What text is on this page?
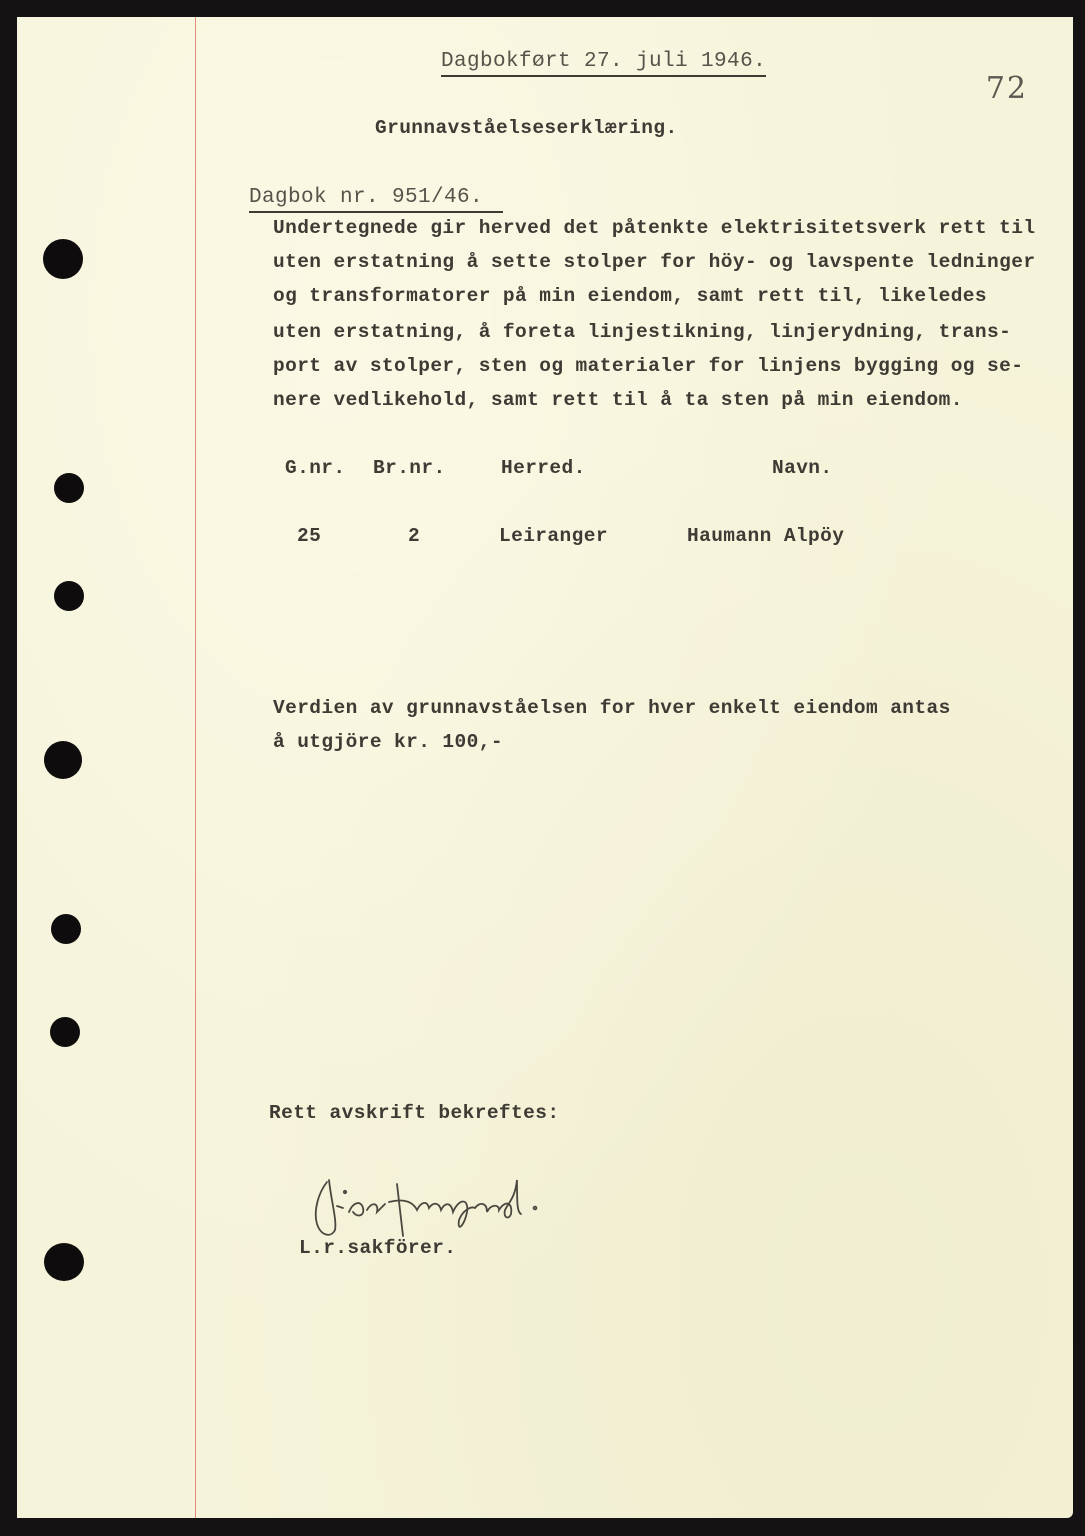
Dagbokført 27. juli 1946.

72
Grunnavståelseserklæring.

Dagbok nr. 951/46.

Undertegnede gir herved det påtenkte elektrisitetsverk rett til
uten erstatning å sette stolper for höy- og lavspente ledninger
og transformatorer på min eiendom, samt rett til, likeledes
uten erstatning, å foreta linjestikning, linjerydning, trans-
port av stolper, sten og materialer for linjens bygging og se-
nere vedlikehold, samt rett til å ta sten på min eiendom.
G.nr. Br.nr.	Herred.	Navn.
25	2	Leiranger	Haumann Alpöy
Verdien av grunnavståelsen for hver enkelt eiendom antas
å utgjöre kr. 100,-
Rett avskrift bekreftes:
L.r.sakförer.
